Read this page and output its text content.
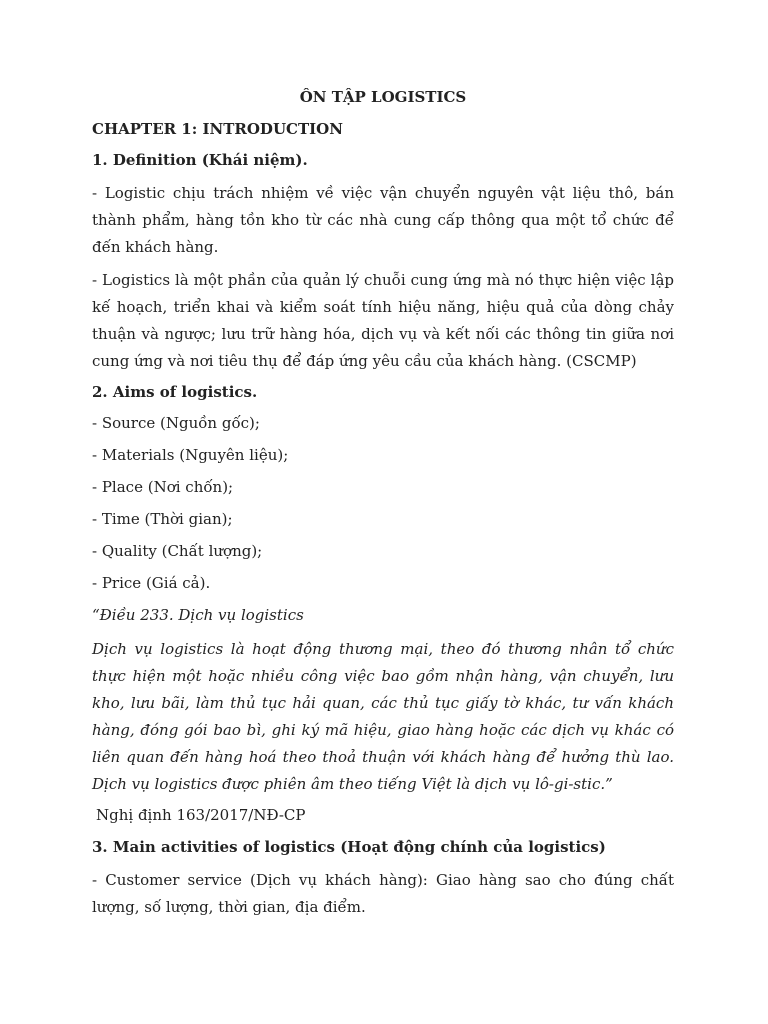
ÔN TẬP LOGISTICS
CHAPTER 1: INTRODUCTION
1. Definition (Khái niệm).
- Logistic chịu trách nhiệm về việc vận chuyển nguyên vật liệu thô, bán thành phẩm, hàng tồn kho từ các nhà cung cấp thông qua một tổ chức để đến khách hàng.
- Logistics là một phần của quản lý chuỗi cung ứng mà nó thực hiện việc lập kế hoạch, triển khai và kiểm soát tính hiệu năng, hiệu quả của dòng chảy thuận và ngược; lưu trữ hàng hóa, dịch vụ và kết nối các thông tin giữa nơi cung ứng và nơi tiêu thụ để đáp ứng yêu cầu của khách hàng. (CSCMP)
2. Aims of logistics.
- Source (Nguồn gốc);
- Materials (Nguyên liệu);
- Place (Nơi chốn);
- Time (Thời gian);
- Quality (Chất lượng);
- Price (Giá cả).
“Điều 233. Dịch vụ logistics
Dịch vụ logistics là hoạt động thương mại, theo đó thương nhân tổ chức thực hiện một hoặc nhiều công việc bao gồm nhận hàng, vận chuyển, lưu kho, lưu bãi, làm thủ tục hải quan, các thủ tục giấy tờ khác, tư vấn khách hàng, đóng gói bao bì, ghi ký mã hiệu, giao hàng hoặc các dịch vụ khác có liên quan đến hàng hoá theo thoả thuận với khách hàng để hưởng thù lao. Dịch vụ logistics được phiên âm theo tiếng Việt là dịch vụ lô-gi-stic.”
Nghị định 163/2017/NĐ-CP
3. Main activities of logistics (Hoạt động chính của logistics)
- Customer service (Dịch vụ khách hàng): Giao hàng sao cho đúng chất lượng, số lượng, thời gian, địa điểm.
